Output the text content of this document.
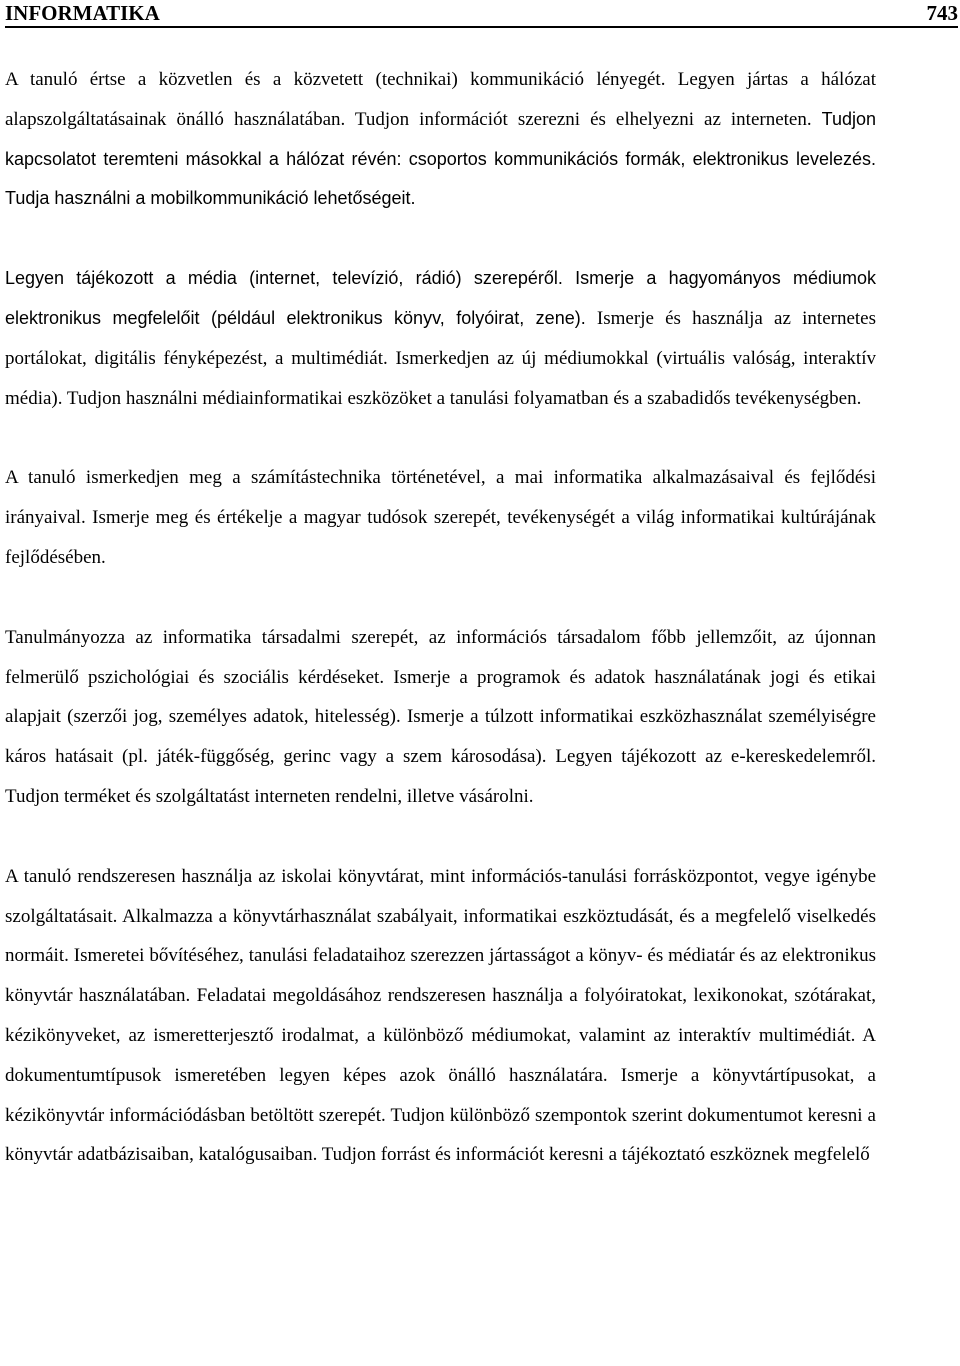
INFORMATIKA	743

A tanuló értse a közvetlen és a közvetett (technikai) kommunikáció lényegét. Legyen jártas a hálózat alapszolgáltatásainak önálló használatában. Tudjon információt szerezni és elhelyezni az interneten. Tudjon kapcsolatot teremteni másokkal a hálózat révén: csoportos kommunikációs formák, elektronikus levelezés. Tudja használni a mobilkommunikáció lehetőségeit.

Legyen tájékozott a média (internet, televízió, rádió) szerepéről. Ismerje a hagyományos médiumok elektronikus megfelelőit (például elektronikus könyv, folyóirat, zene). Ismerje és használja az internetes portálokat, digitális fényképezést, a multimédiát. Ismerkedjen az új médiumokkal (virtuális valóság, interaktív média). Tudjon használni médiainformatikai eszközöket a tanulási folyamatban és a szabadidős tevékenységben.

A tanuló ismerkedjen meg a számítástechnika történetével, a mai informatika alkalmazásaival és fejlődési irányaival. Ismerje meg és értékelje a magyar tudósok szerepét, tevékenységét a világ informatikai kultúrájának fejlődésében.

Tanulmányozza az informatika társadalmi szerepét, az információs társadalom főbb jellemzőit, az újonnan felmerülő pszichológiai és szociális kérdéseket. Ismerje a programok és adatok használatának jogi és etikai alapjait (szerzői jog, személyes adatok, hitelesség). Ismerje a túlzott informatikai eszközhasználat személyiségre káros hatásait (pl. játék-függőség, gerinc vagy a szem károsodása). Legyen tájékozott az e-kereskedelemről. Tudjon terméket és szolgáltatást interneten rendelni, illetve vásárolni.

A tanuló rendszeresen használja az iskolai könyvtárat, mint információs-tanulási forrásközpontot, vegye igénybe szolgáltatásait. Alkalmazza a könyvtárhasználat szabályait, informatikai eszköztudását, és a megfelelő viselkedés normáit. Ismeretei bővítéséhez, tanulási feladataihoz szerezzen jártasságot a könyv- és médiatár és az elektronikus könyvtár használatában. Feladatai megoldásához rendszeresen használja a folyóiratokat, lexikonokat, szótárakat, kézikönyveket, az ismeretterjesztő irodalmat, a különböző médiumokat, valamint az interaktív multimédiát. A dokumentumtípusok ismeretében legyen képes azok önálló használatára. Ismerje a könyvtártípusokat, a kézikönyvtár információdásban betöltött szerepét. Tudjon különböző szempontok szerint dokumentumot keresni a könyvtár adatbázisaiban, katalógusaiban. Tudjon forrást és információt keresni a tájékoztató eszköznek megfelelő
